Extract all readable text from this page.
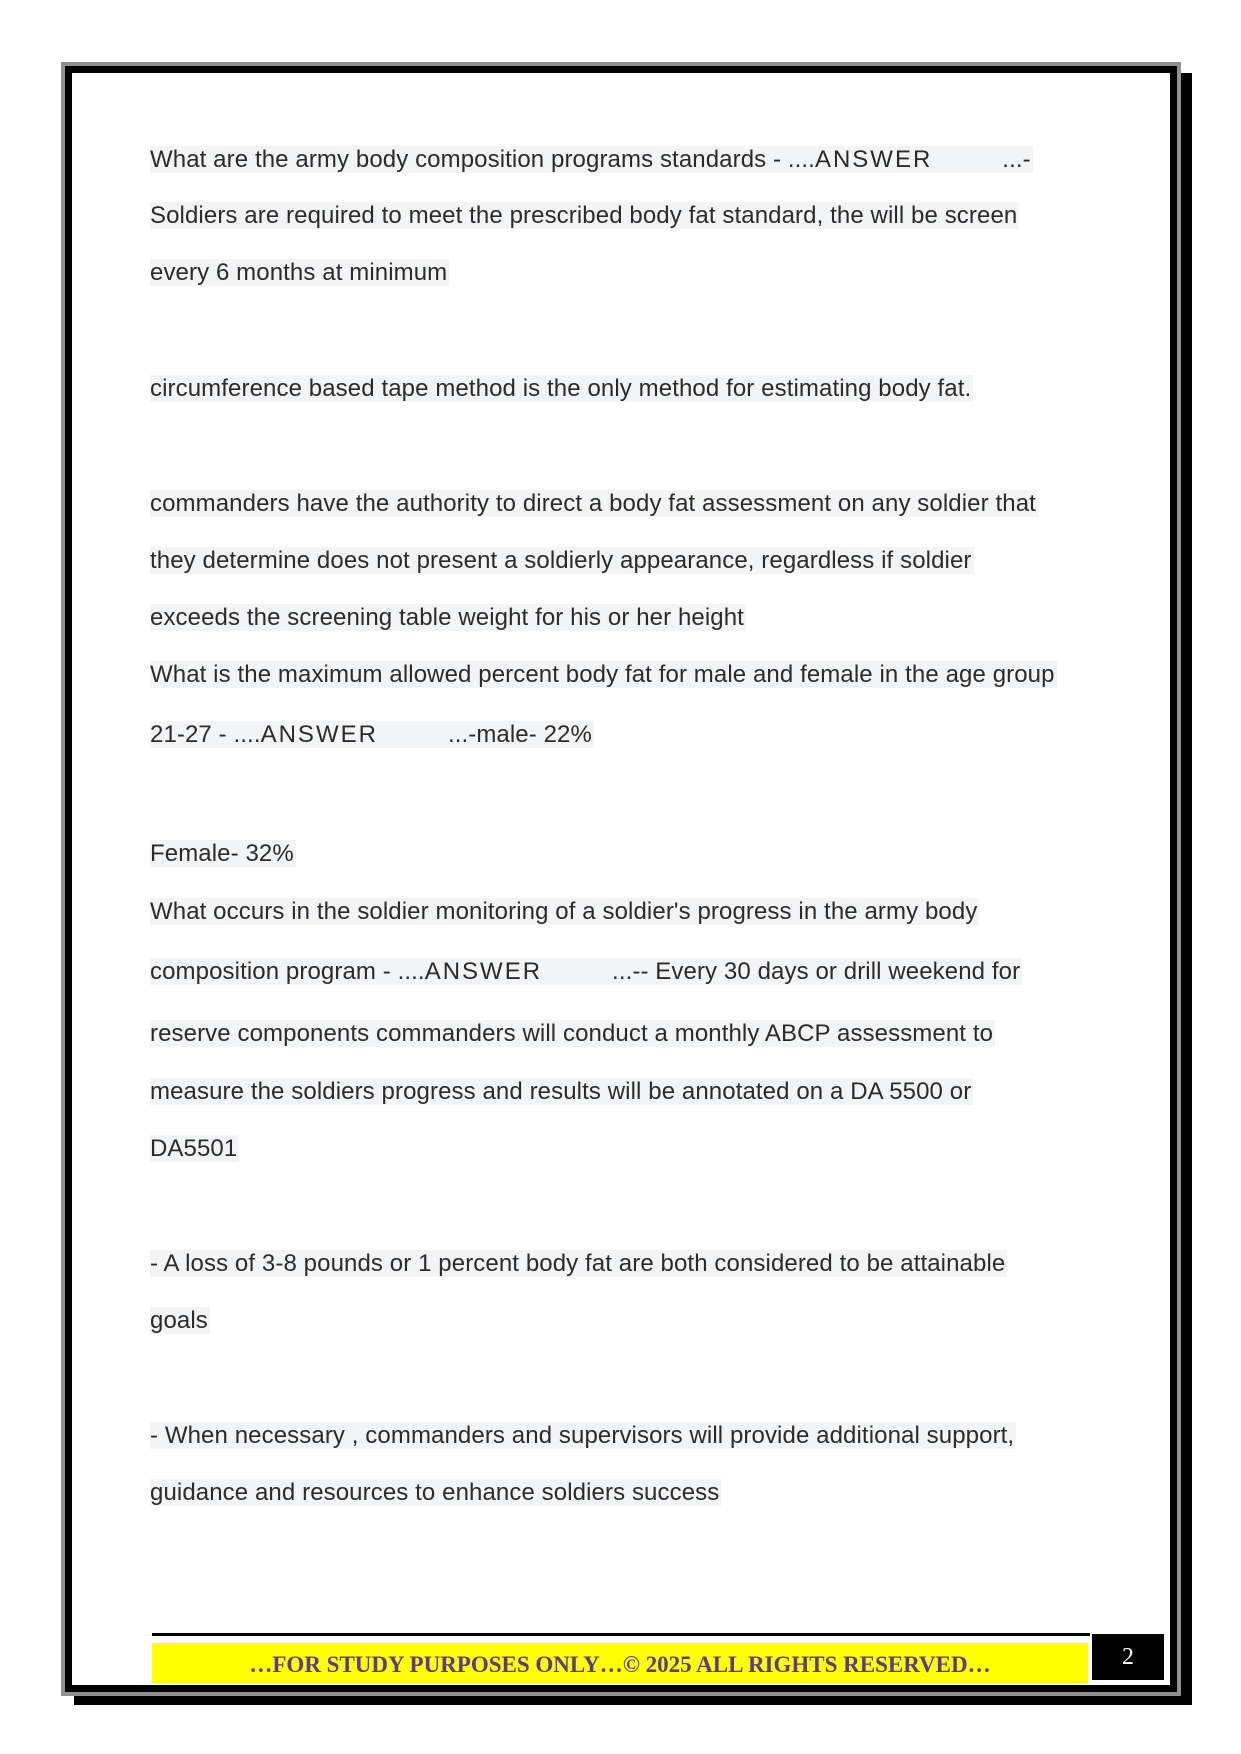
What are the army body composition programs standards - ....ANSWER	...-
Soldiers are required to meet the prescribed body fat standard, the will be screen
every 6 months at minimum
circumference based tape method is the only method for estimating body fat.
commanders have the authority to direct a body fat assessment on any soldier that
they determine does not present a soldierly appearance, regardless if soldier
exceeds the screening table weight for his or her height
What is the maximum allowed percent body fat for male and female in the age group
21-27 - ....ANSWER	...-male- 22%
Female- 32%
What occurs in the soldier monitoring of a soldier's progress in the army body
composition program - ....ANSWER	...-- Every 30 days or drill weekend for
reserve components commanders will conduct a monthly ABCP assessment to
measure the soldiers progress and results will be annotated on a DA 5500 or
DA5501
- A loss of 3-8 pounds or 1 percent body fat are both considered to be attainable
goals
- When necessary , commanders and supervisors will provide additional support,
guidance and resources to enhance soldiers success
…FOR STUDY PURPOSES ONLY…© 2025 ALL RIGHTS RESERVED…	2
